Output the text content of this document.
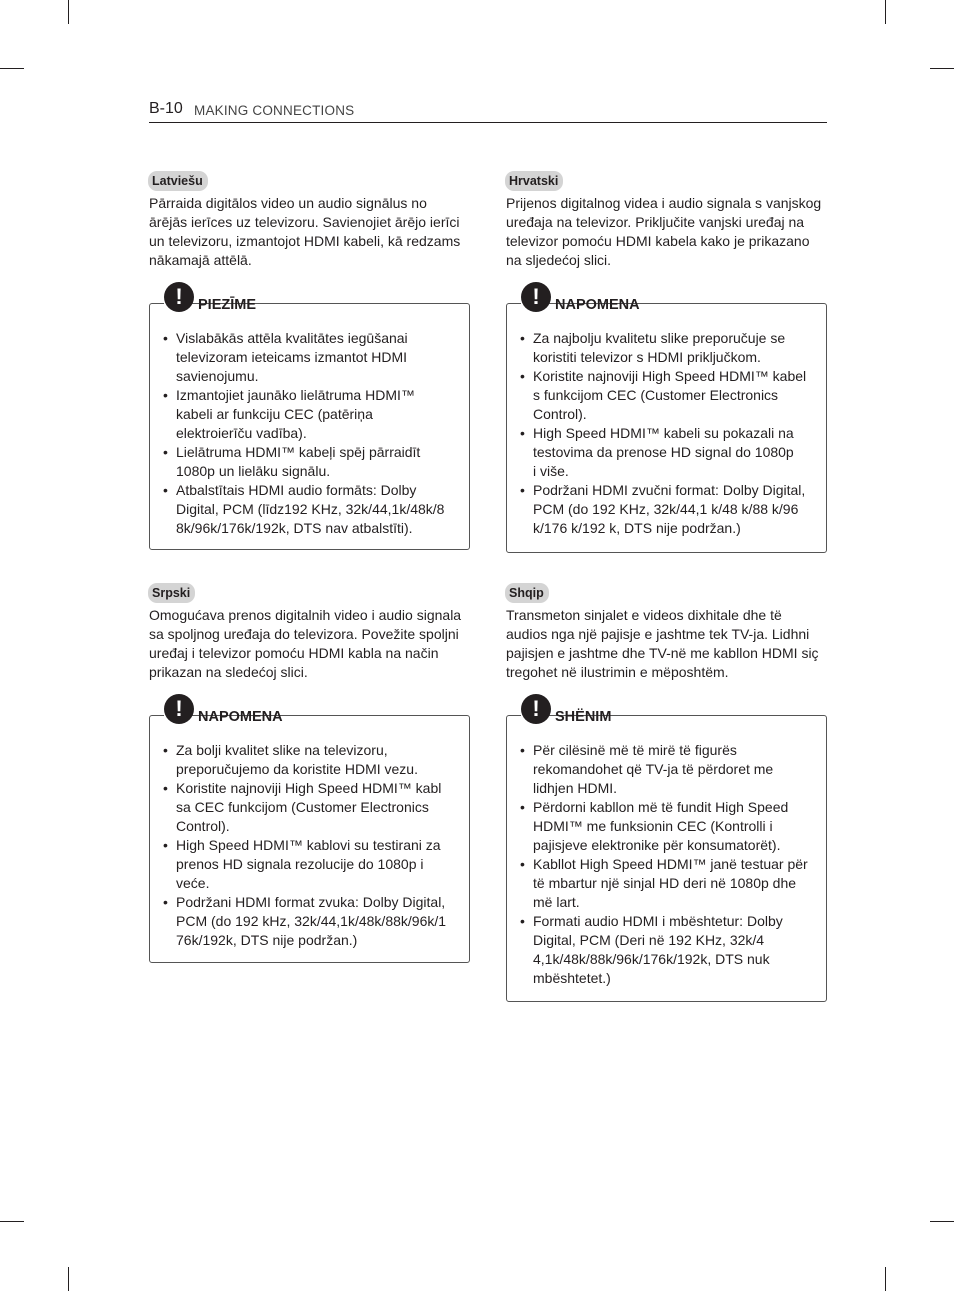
B-10 MAKING CONNECTIONS
Latviešu

Pārraida digitālos video un audio signālus no
ārējās ierīces uz televizoru. Savienojiet ārējo ierīci
un televizoru, izmantojot HDMI kabeli, kā redzams
nākamajā attēlā.

!	PIEZĪME
• Vislabākās attēla kvalitātes iegūšanai
televizoram ieteicams izmantot HDMI
savienojumu.
• Izmantojiet jaunāko lielātruma HDMI™
kabeli ar funkciju CEC (patēriņa
elektroierīču vadība).
• Lielātruma HDMI™ kabeļi spēj pārraidīt
1080p un lielāku signālu.
• Atbalstītais HDMI audio formāts: Dolby
Digital, PCM (līdz192 KHz, 32k/44,1k/48k/8
8k/96k/176k/192k, DTS nav atbalstīti).
Hrvatski

Prijenos digitalnog videa i audio signala s vanjskog
uređaja na televizor. Priključite vanjski uređaj na
televizor pomoću HDMI kabela kako je prikazano
na sljedećoj slici.

!	NAPOMENA
• Za najbolju kvalitetu slike preporučuje se
koristiti televizor s HDMI priključkom.
• Koristite najnoviji High Speed HDMI™ kabel
s funkcijom CEC (Customer Electronics
Control).
• High Speed HDMI™ kabeli su pokazali na
testovima da prenose HD signal do 1080p
i više.
• Podržani HDMI zvučni format: Dolby Digital,
PCM (do 192 KHz, 32k/44,1 k/48 k/88 k/96
k/176 k/192 k, DTS nije podržan.)
Srpski

Omogućava prenos digitalnih video i audio signala
sa spoljnog uređaja do televizora. Povežite spoljni
uređaj i televizor pomoću HDMI kabla na način
prikazan na sledećoj slici.

!	NAPOMENA
• Za bolji kvalitet slike na televizoru,
preporučujemo da koristite HDMI vezu.
• Koristite najnoviji High Speed HDMI™ kabl
sa CEC funkcijom (Customer Electronics
Control).
• High Speed HDMI™ kablovi su testirani za
prenos HD signala rezolucije do 1080p i
veće.
• Podržani HDMI format zvuka: Dolby Digital,
PCM (do 192 kHz, 32k/44,1k/48k/88k/96k/1
76k/192k, DTS nije podržan.)
Shqip

Transmeton sinjalet e videos dixhitale dhe të
audios nga një pajisje e jashtme tek TV-ja. Lidhni
pajisjen e jashtme dhe TV-në me kabllon HDMI siç
tregohet në ilustrimin e mëposhtëm.

!	SHËNIM
• Për cilësinë më të mirë të figurës
rekomandohet që TV-ja të përdoret me
lidhjen HDMI.
• Përdorni kabllon më të fundit High Speed
HDMI™ me funksionin CEC (Kontrolli i
pajisjeve elektronike për konsumatorët).
• Kabllot High Speed HDMI™ janë testuar për
të mbartur një sinjal HD deri në 1080p dhe
më lart.
• Formati audio HDMI i mbështetur: Dolby
Digital, PCM (Deri në 192 KHz, 32k/4
4,1k/48k/88k/96k/176k/192k, DTS nuk
mbështetet.)
